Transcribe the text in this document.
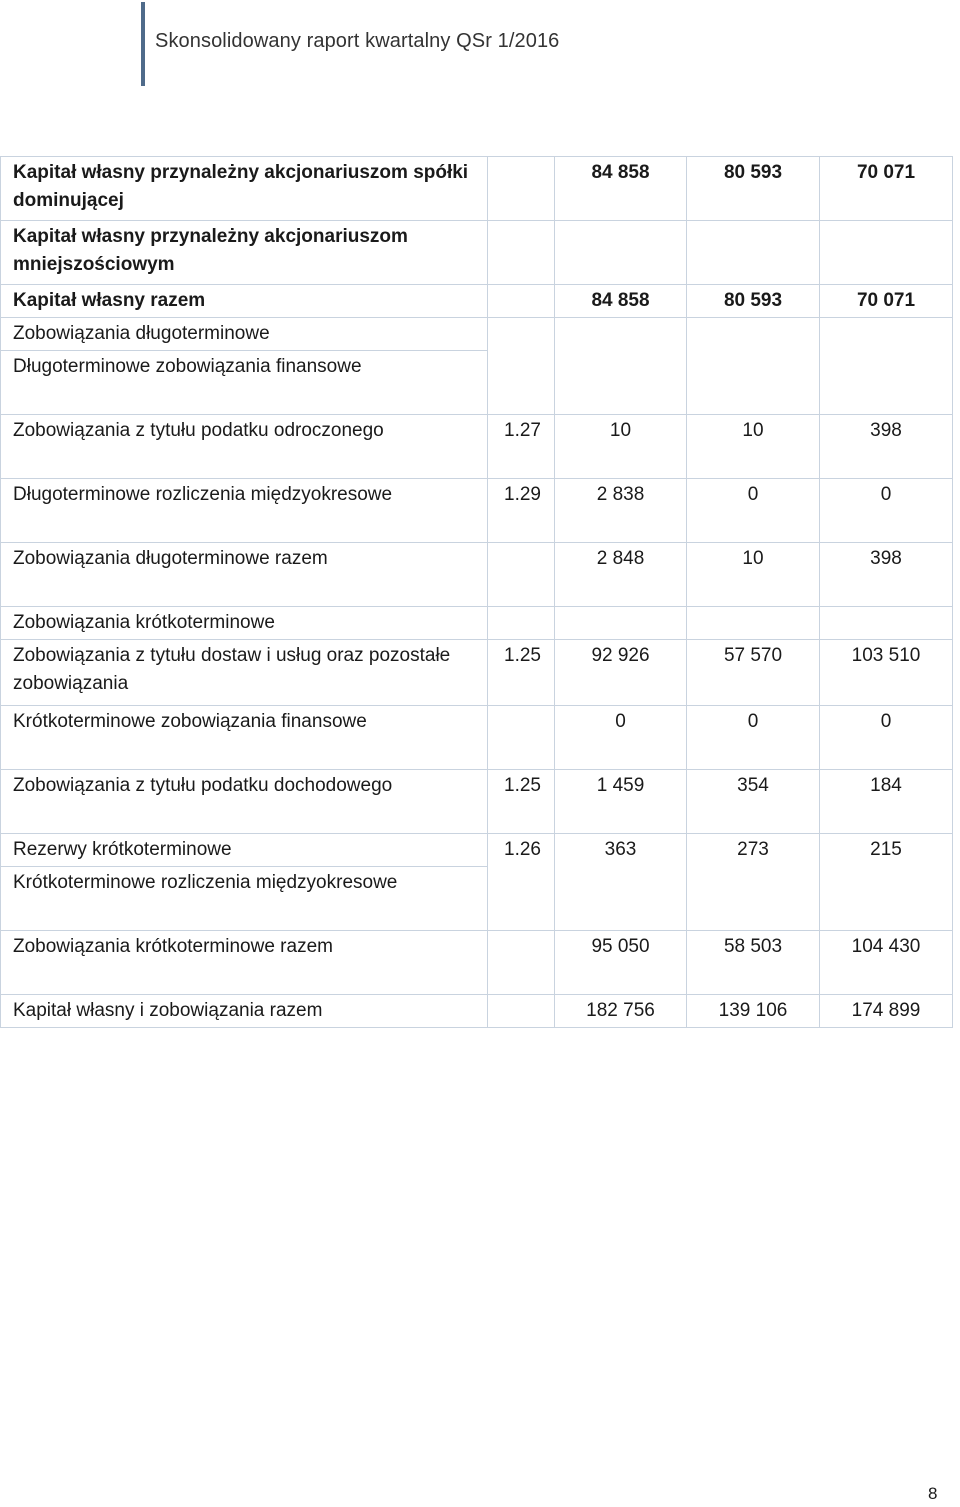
Skonsolidowany raport kwartalny QSr 1/2016
Kapitał własny przynależny akcjonariuszom spółki dominującej		84 858	80 593	70 071
Kapitał własny przynależny akcjonariuszom mniejszościowym				
Kapitał własny razem		84 858	80 593	70 071
Zobowiązania długoterminowe				
Długoterminowe zobowiązania finansowe				
Zobowiązania z tytułu podatku odroczonego	1.27	10	10	398
Długoterminowe rozliczenia międzyokresowe	1.29	2 838	0	0
Zobowiązania długoterminowe razem		2 848	10	398
Zobowiązania krótkoterminowe				
Zobowiązania z tytułu dostaw i usług oraz pozostałe zobowiązania	1.25	92 926	57 570	103 510
Krótkoterminowe zobowiązania finansowe		0	0	0
Zobowiązania z tytułu podatku dochodowego	1.25	1 459	354	184
Rezerwy krótkoterminowe	1.26	363	273	215
Krótkoterminowe rozliczenia międzyokresowe				
Zobowiązania krótkoterminowe razem		95 050	58 503	104 430
Kapitał własny i zobowiązania razem		182 756	139 106	174 899
8
